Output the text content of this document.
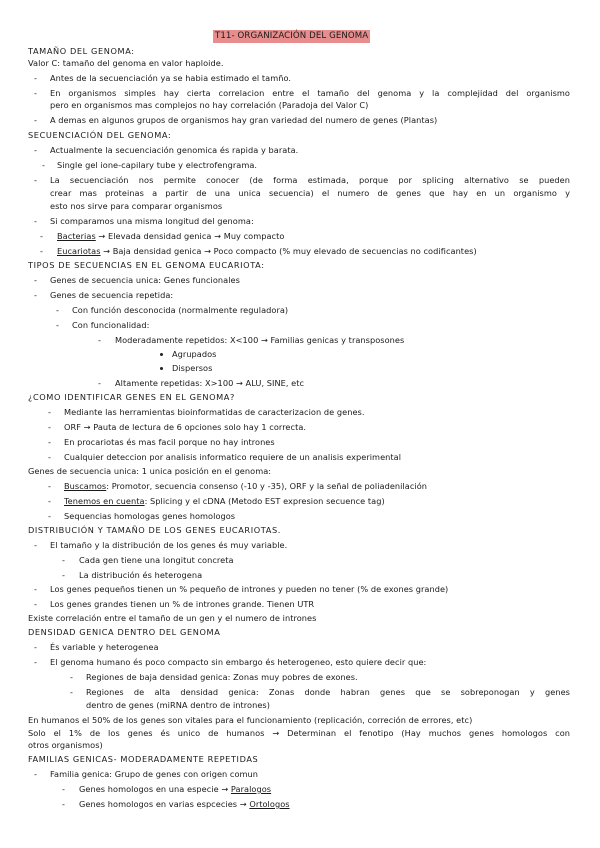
T11- ORGANIZACIÓN DEL GENOMA
TAMAÑO DEL GENOMA:
Valor C: tamaño del genoma en valor haploide.
- Antes de la secuenciación ya se habia estimado el tamño.
- En organismos simples hay cierta correlacion entre el tamaño del genoma y la complejidad del organismo
pero en organismos mas complejos no hay correlación (Paradoja del Valor C)
- A demas en algunos grupos de organismos hay gran variedad del numero de genes (Plantas)
SECUENCIACIÓN DEL GENOMA:
- Actualmente la secuenciación genomica és rapida y barata.
- Single gel ione-capilary tube y electrofengrama.
- La secuenciación nos permite conocer (de forma estimada, porque por splicing alternativo se pueden
crear mas proteinas a partir de una unica secuencia) el numero de genes que hay en un organismo y
esto nos sirve para comparar organismos
- Si comparamos una misma longitud del genoma:
- Bacterias → Elevada densidad genica → Muy compacto
- Eucariotas → Baja densidad genica → Poco compacto (% muy elevado de secuencias no codificantes)
TIPOS DE SECUENCIAS EN EL GENOMA EUCARIOTA:
- Genes de secuencia unica: Genes funcionales
- Genes de secuencia repetida:
- Con función desconocida (normalmente reguladora)
- Con funcionalidad:
- Moderadamente repetidos: X<100 → Familias genicas y transposones
Agrupados
Dispersos
- Altamente repetidas: X>100 → ALU, SINE, etc
¿COMO IDENTIFICAR GENES EN EL GENOMA?
- Mediante las herramientas bioinformatidas de caracterizacion de genes.
- ORF → Pauta de lectura de 6 opciones solo hay 1 correcta.
- En procariotas és mas facil porque no hay intrones
- Cualquier deteccion por analisis informatico requiere de un analisis experimental
Genes de secuencia unica: 1 unica posición en el genoma:
- Buscamos: Promotor, secuencia consenso (-10 y -35), ORF y la señal de poliadenilación
- Tenemos en cuenta: Splicing y el cDNA (Metodo EST expresion secuence tag)
- Sequencias homologas genes homologos
DISTRIBUCIÓN Y TAMAÑO DE LOS GENES EUCARIOTAS.
- El tamaño y la distribución de los genes és muy variable.
- Cada gen tiene una longitut concreta
- La distribución és heterogena
- Los genes pequeños tienen un % pequeño de intrones y pueden no tener (% de exones grande)
- Los genes grandes tienen un % de intrones grande. Tienen UTR
Existe correlación entre el tamaño de un gen y el numero de intrones
DENSIDAD GENICA DENTRO DEL GENOMA
- És variable y heterogenea
- El genoma humano és poco compacto sin embargo és heterogeneo, esto quiere decir que:
- Regiones de baja densidad genica: Zonas muy pobres de exones.
- Regiones de alta densidad genica: Zonas donde habran genes que se sobreponogan y genes
dentro de genes (miRNA dentro de intrones)
En humanos el 50% de los genes son vitales para el funcionamiento (replicación, correción de errores, etc)
Solo el 1% de los genes és unico de humanos → Determinan el fenotipo (Hay muchos genes homologos con
otros organismos)
FAMILIAS GENICAS- MODERADAMENTE REPETIDAS
- Familia genica: Grupo de genes con origen comun
- Genes homologos en una especie → Paralogos
- Genes homologos en varias espcecies → Ortologos
